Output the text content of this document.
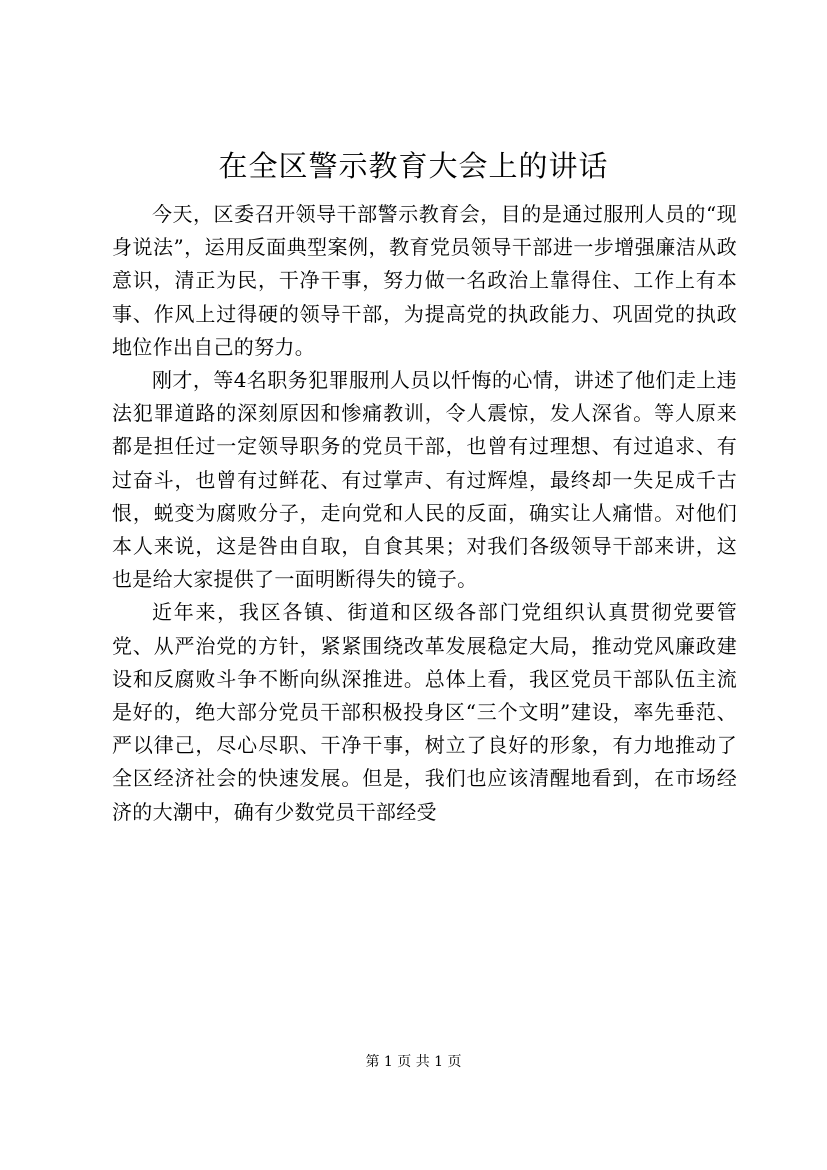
在全区警示教育大会上的讲话

今天，区委召开领导干部警示教育会，目的是通过服刑人员的“现身说法”，运用反面典型案例，教育党员领导干部进一步增强廉洁从政意识，清正为民，干净干事，努力做一名政治上靠得住、工作上有本事、作风上过得硬的领导干部，为提高党的执政能力、巩固党的执政地位作出自己的努力。

刚才，等4名职务犯罪服刑人员以忏悔的心情，讲述了他们走上违法犯罪道路的深刻原因和惨痛教训，令人震惊，发人深省。等人原来都是担任过一定领导职务的党员干部，也曾有过理想、有过追求、有过奋斗，也曾有过鲜花、有过掌声、有过辉煌，最终却一失足成千古恨，蜕变为腐败分子，走向党和人民的反面，确实让人痛惜。对他们本人来说，这是咎由自取，自食其果；对我们各级领导干部来讲，这也是给大家提供了一面明断得失的镜子。

近年来，我区各镇、街道和区级各部门党组织认真贯彻党要管党、从严治党的方针，紧紧围绕改革发展稳定大局，推动党风廉政建设和反腐败斗争不断向纵深推进。总体上看，我区党员干部队伍主流是好的，绝大部分党员干部积极投身区“三个文明”建设，率先垂范、严以律己，尽心尽职、干净干事，树立了良好的形象，有力地推动了全区经济社会的快速发展。但是，我们也应该清醒地看到，在市场经济的大潮中，确有少数党员干部经受

第 1 页 共 1 页
